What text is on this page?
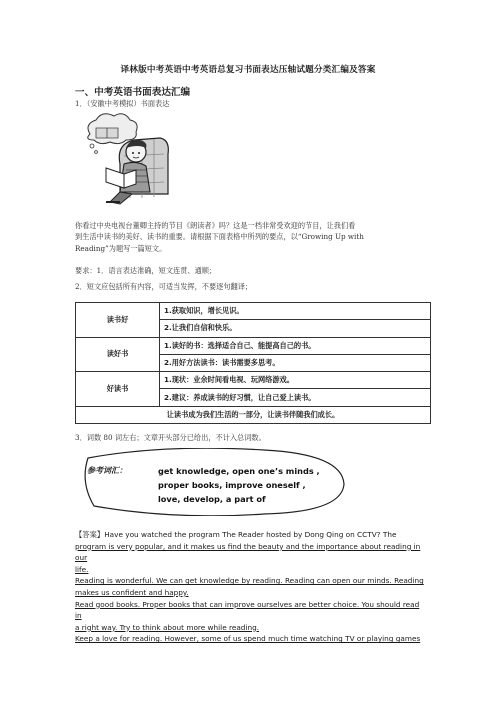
译林版中考英语中考英语总复习书面表达压轴试题分类汇编及答案
一、中考英语书面表达汇编
1．（安徽中考模拟）书面表达
你看过中央电视台董卿主持的节目《朗读者》吗？这是一档非常受欢迎的节目，让我们看
到生活中读书的美好、读书的重要。请根据下面表格中所列的要点，以“Growing Up with
Reading”为题写一篇短文。
要求：1．语言表达准确，短文连贯、通顺；
2．短文应包括所有内容，可适当发挥，不要逐句翻译；
读书好	1.获取知识，增长见识。
	2.让我们自信和快乐。
读好书	1.读好的书：选择适合自己、能提高自己的书。
	2.用好方法读书：读书需要多思考。
好读书	1.现状：业余时间看电视、玩网络游戏。
	2.建议：养成读书的好习惯，让自己爱上读书。
让读书成为我们生活的一部分，让读书伴随我们成长。	
3．词数 80 词左右；文章开头部分已给出，不计入总词数。
参考词汇：	get knowledge, open one’s minds ,
proper books, improve oneself ,
love, develop, a part of
【答案】Have you watched the program The Reader hosted by Dong Qing on CCTV? The
program is very popular, and it makes us find the beauty and the importance about reading in our
life.
Reading is wonderful. We can get knowledge by reading. Reading can open our minds. Reading
makes us confident and happy.
Read good books. Proper books that can improve ourselves are better choice. You should read in
a right way. Try to think about more while reading.
Keep a love for reading. However, some of us spend much time watching TV or playing games
